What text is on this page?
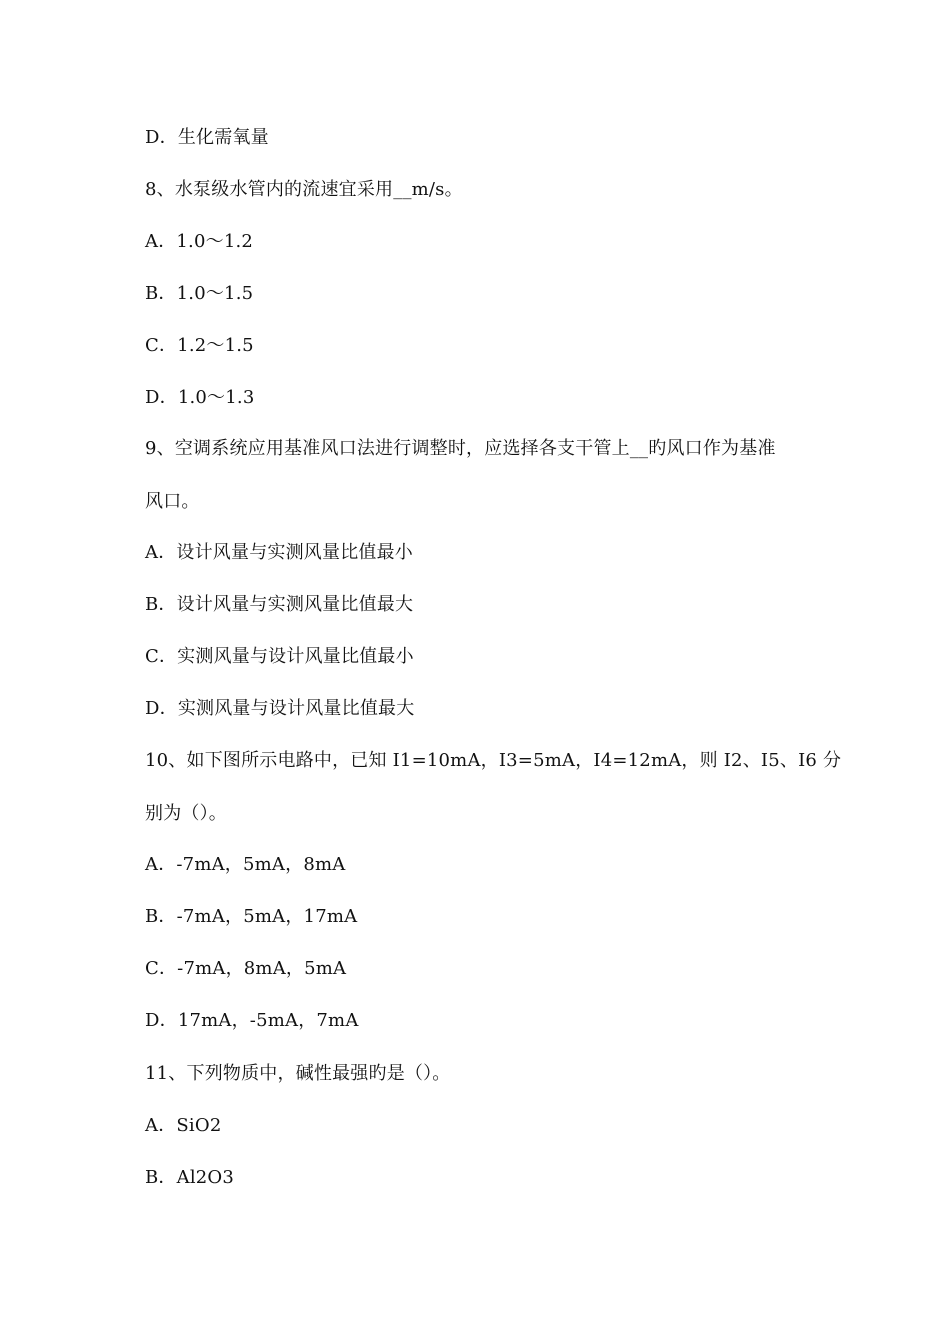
D．生化需氧量
8、水泵级水管内的流速宜采用__m/s。
A．1.0～1.2
B．1.0～1.5
C．1.2～1.5
D．1.0～1.3
9、空调系统应用基准风口法进行调整时，应选择各支干管上__旳风口作为基准
风口。
A．设计风量与实测风量比值最小
B．设计风量与实测风量比值最大
C．实测风量与设计风量比值最小
D．实测风量与设计风量比值最大
10、如下图所示电路中，已知 I1=10mA，I3=5mA，I4=12mA，则 I2、I5、I6 分
别为（）。
A．-7mA，5mA，8mA
B．-7mA，5mA，17mA
C．-7mA，8mA，5mA
D．17mA，-5mA，7mA
11、下列物质中，碱性最强旳是（）。
A．SiO2
B．Al2O3
